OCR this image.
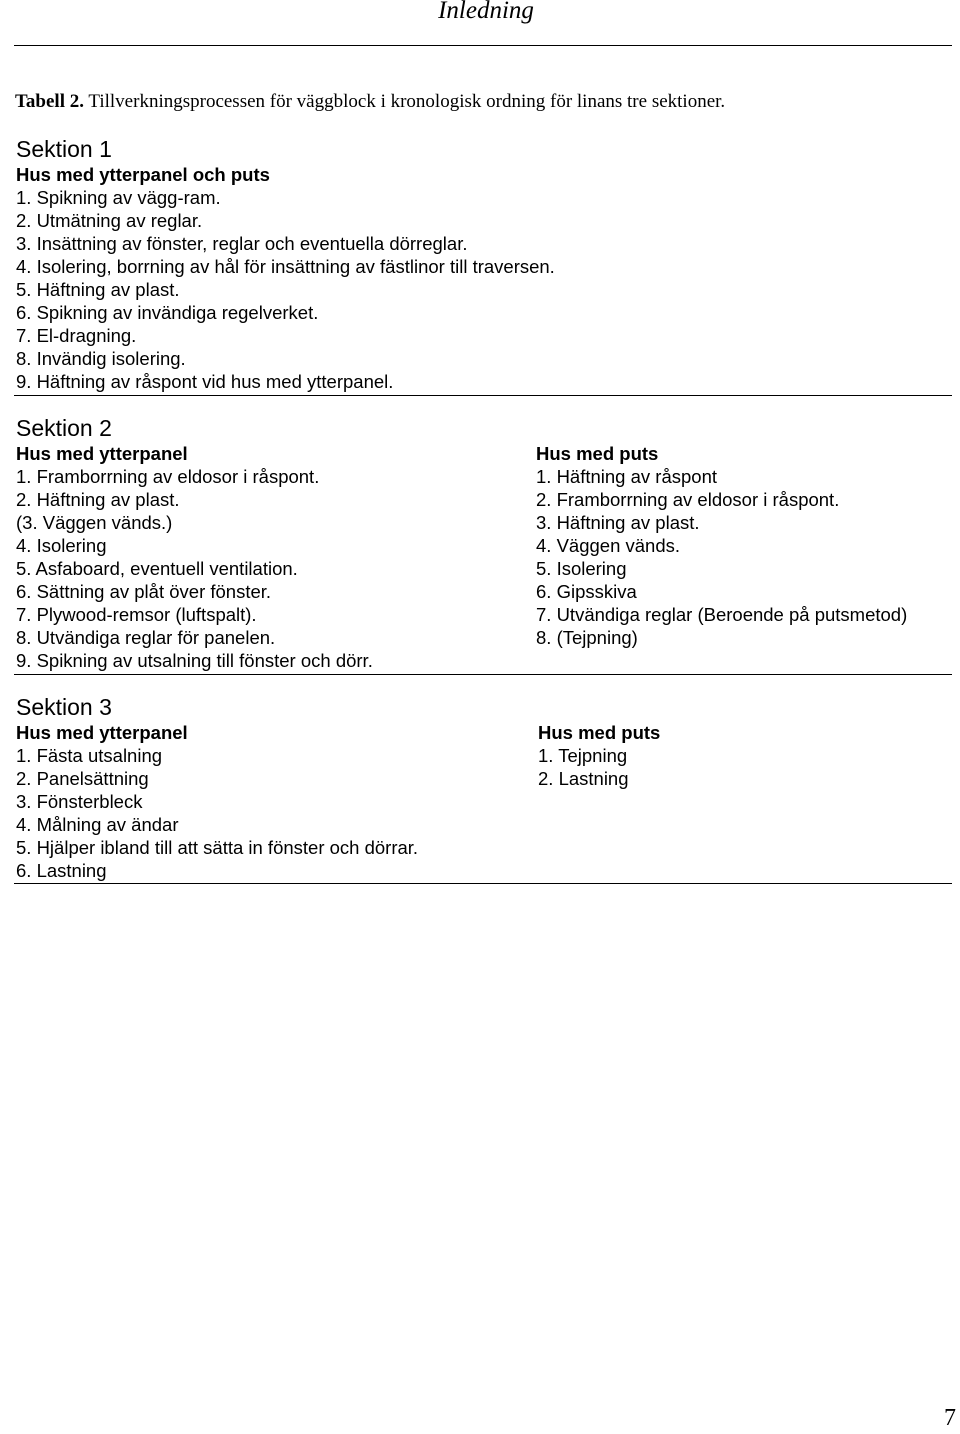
Inledning
Tabell 2. Tillverkningsprocessen för väggblock i kronologisk ordning för linans tre sektioner.
Sektion 1
Hus med ytterpanel och puts
1. Spikning av vägg-ram.
2. Utmätning av reglar.
3. Insättning av fönster, reglar och eventuella dörreglar.
4. Isolering, borrning av hål för insättning av fästlinor till traversen.
5. Häftning av plast.
6. Spikning av invändiga regelverket.
7. El-dragning.
8. Invändig isolering.
9. Häftning av råspont vid hus med ytterpanel.
Sektion 2
Hus med ytterpanel
1. Framborrning av eldosor i råspont.
2. Häftning av plast.
(3. Väggen vänds.)
4. Isolering
5. Asfaboard, eventuell ventilation.
6. Sättning av plåt över fönster.
7. Plywood-remsor (luftspalt).
8. Utvändiga reglar för panelen.
9. Spikning av utsalning till fönster och dörr.
Hus med puts
1. Häftning av råspont
2. Framborrning av eldosor i råspont.
3. Häftning av plast.
4. Väggen vänds.
5. Isolering
6. Gipsskiva
7. Utvändiga reglar (Beroende på putsmetod)
8. (Tejpning)
Sektion 3
Hus med ytterpanel
1. Fästa utsalning
2. Panelsättning
3. Fönsterbleck
4. Målning av ändar
5. Hjälper ibland till att sätta in fönster och dörrar.
6. Lastning
Hus med puts
1. Tejpning
2. Lastning
7
